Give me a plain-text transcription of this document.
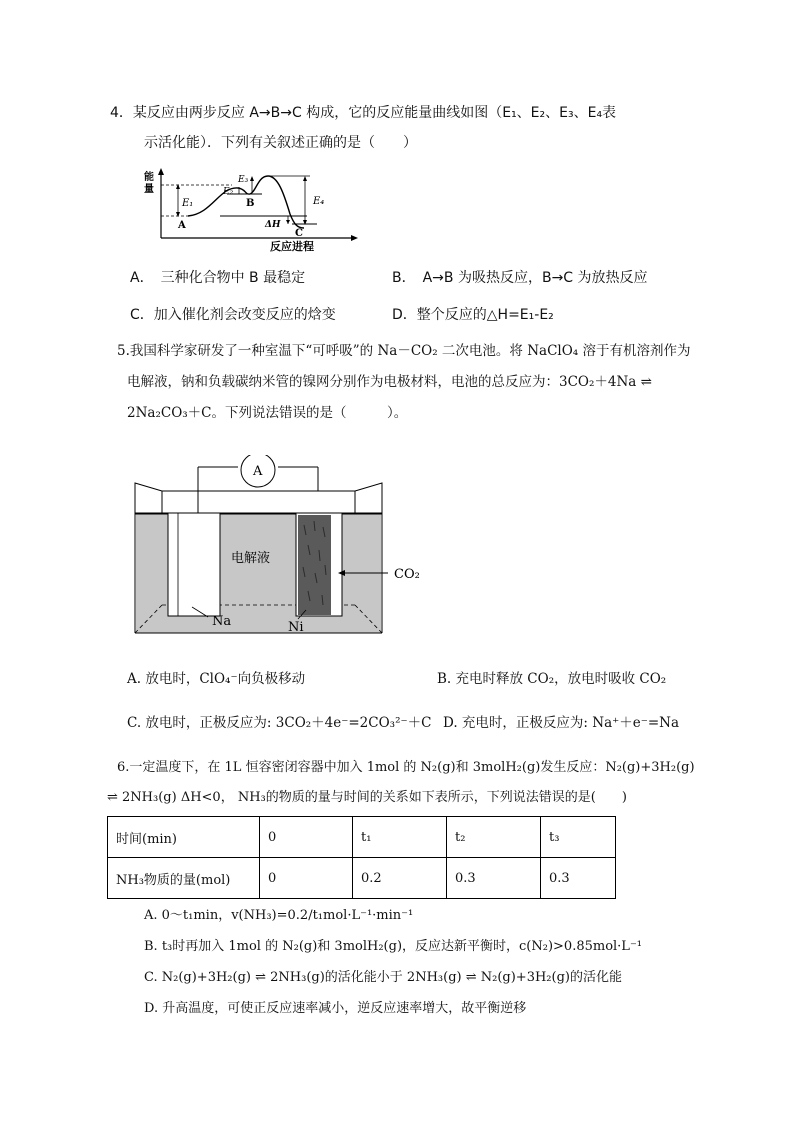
4．某反应由两步反应 A→B→C 构成，它的反应能量曲线如图（E₁、E₂、E₃、E₄表
示活化能）．下列有关叙述正确的是（　　）
能
量
E₁
E₂
E₃
E₄
ΔH
A
B
C
反应进程
A．　三种化合物中 B 最稳定	B．　A→B 为吸热反应，B→C 为放热反应
C．加入催化剂会改变反应的焓变	D．整个反应的△H=E₁-E₂
5.我国科学家研发了一种室温下“可呼吸”的 Na－CO₂ 二次电池。将 NaClO₄ 溶于有机溶剂作为
电解液，钠和负载碳纳米管的镍网分别作为电极材料，电池的总反应为：3CO₂＋4Na ⇌
2Na₂CO₃＋C。下列说法错误的是（　　　）。
A
电解液
CO₂
Na	Ni
A. 放电时，ClO₄⁻向负极移动	B. 充电时释放 CO₂，放电时吸收 CO₂
C. 放电时，正极反应为: 3CO₂＋4e⁻=2CO₃²⁻＋C D. 充电时，正极反应为: Na⁺＋e⁻=Na
6.一定温度下，在 1L 恒容密闭容器中加入 1mol 的 N₂(g)和 3molH₂(g)发生反应：N₂(g)+3H₂(g)
⇌ 2NH₃(g) ΔH<0， NH₃的物质的量与时间的关系如下表所示，下列说法错误的是(　　)
时间(min)	0	t₁	t₂	t₃
NH₃物质的量(mol)	0	0.2	0.3	0.3
A. 0～t₁min，v(NH₃)=0.2/t₁mol·L⁻¹·min⁻¹
B. t₃时再加入 1mol 的 N₂(g)和 3molH₂(g)，反应达新平衡时，c(N₂)>0.85mol·L⁻¹
C. N₂(g)+3H₂(g) ⇌ 2NH₃(g)的活化能小于 2NH₃(g) ⇌ N₂(g)+3H₂(g)的活化能
D. 升高温度，可使正反应速率减小，逆反应速率增大，故平衡逆移
